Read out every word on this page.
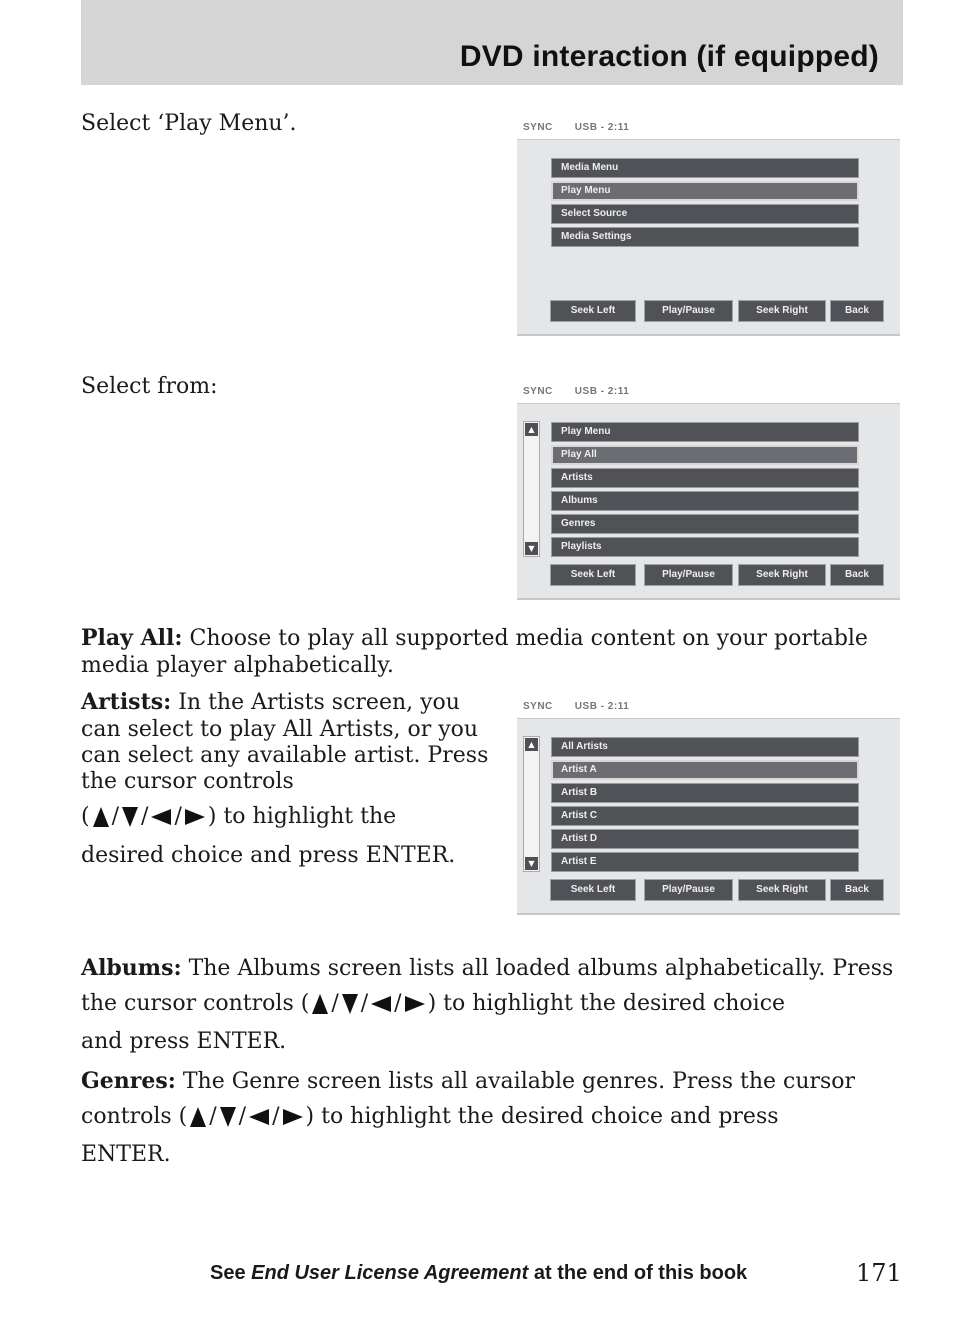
DVD interaction (if equipped)

Select ‘Play Menu’.

Select from:

SYNC USB - 2:11
Media Menu
Play Menu
Select Source
Media Settings
Seek Left	Play/Pause	Seek Right	Back
SYNC USB - 2:11
▲
▼
Play Menu
Play All
Artists
Albums
Genres
Playlists
Seek Left	Play/Pause	Seek Right	Back

Play All: Choose to play all supported media content on your portable media player alphabetically.

Artists: In the Artists screen, you

can select to play All Artists, or you

can select any available artist. Press

the cursor controls

( / / / ) to highlight the

desired choice and press ENTER.

SYNC USB - 2:11
▲
▼
All Artists
Artist A
Artist B
Artist C
Artist D
Artist E
Seek Left	Play/Pause	Seek Right	Back

Albums: The Albums screen lists all loaded albums alphabetically. Press

the cursor controls ( / / / ) to highlight the desired choice

and press ENTER.

Genres: The Genre screen lists all available genres. Press the cursor

controls ( / / / ) to highlight the desired choice and press

ENTER.

See End User License Agreement at the end of this book	171
